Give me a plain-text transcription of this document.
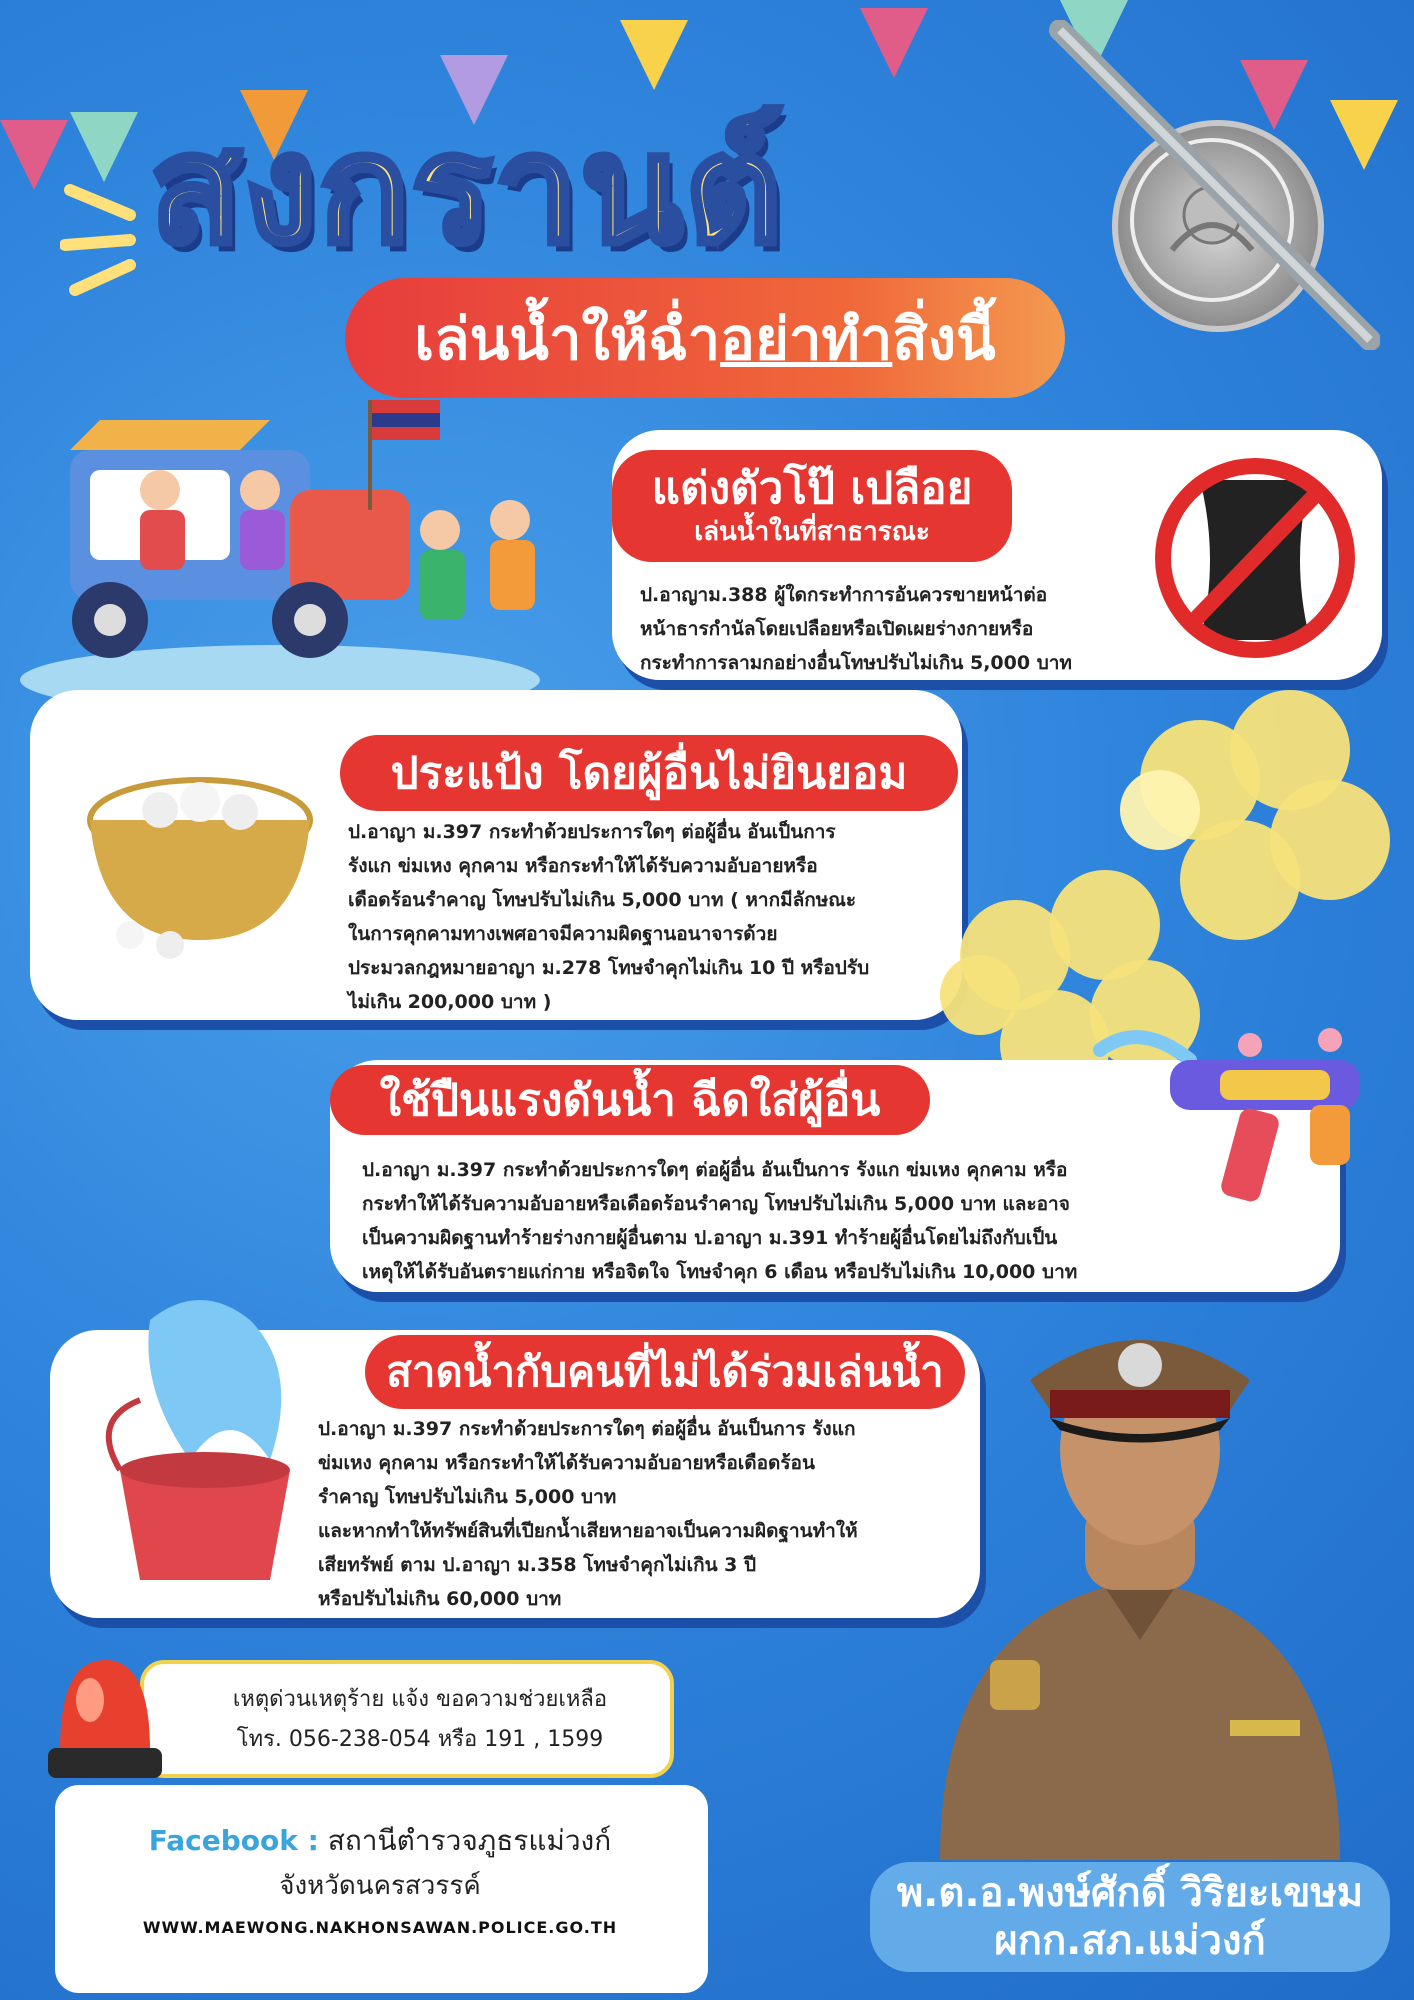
สงกรานต์
เล่นน้ำให้ฉ่ำอย่าทำสิ่งนี้
แต่งตัวโป๊ เปลือย
เล่นน้ำในที่สาธารณะ
ป.อาญาม.388 ผู้ใดกระทำการอันควรขายหน้าต่อ
หน้าธารกำนัลโดยเปลือยหรือเปิดเผยร่างกายหรือ
กระทำการลามกอย่างอื่นโทษปรับไม่เกิน 5,000 บาท
ประแป้ง โดยผู้อื่นไม่ยินยอม
ป.อาญา ม.397 กระทำด้วยประการใดๆ ต่อผู้อื่น อันเป็นการ
รังแก ข่มเหง คุกคาม หรือกระทำให้ได้รับความอับอายหรือ
เดือดร้อนรำคาญ โทษปรับไม่เกิน 5,000 บาท ( หากมีลักษณะ
ในการคุกคามทางเพศอาจมีความผิดฐานอนาจารด้วย
ประมวลกฎหมายอาญา ม.278 โทษจำคุกไม่เกิน 10 ปี หรือปรับ
ไม่เกิน 200,000 บาท )
ใช้ปืนแรงดันน้ำ ฉีดใส่ผู้อื่น
ป.อาญา ม.397 กระทำด้วยประการใดๆ ต่อผู้อื่น อันเป็นการ รังแก ข่มเหง คุกคาม หรือ
กระทำให้ได้รับความอับอายหรือเดือดร้อนรำคาญ โทษปรับไม่เกิน 5,000 บาท และอาจ
เป็นความผิดฐานทำร้ายร่างกายผู้อื่นตาม ป.อาญา ม.391 ทำร้ายผู้อื่นโดยไม่ถึงกับเป็น
เหตุให้ได้รับอันตรายแก่กาย หรือจิตใจ โทษจำคุก 6 เดือน หรือปรับไม่เกิน 10,000 บาท
สาดน้ำกับคนที่ไม่ได้ร่วมเล่นน้ำ
ป.อาญา ม.397 กระทำด้วยประการใดๆ ต่อผู้อื่น อันเป็นการ รังแก
ข่มเหง คุกคาม หรือกระทำให้ได้รับความอับอายหรือเดือดร้อน
รำคาญ โทษปรับไม่เกิน 5,000 บาท
และหากทำให้ทรัพย์สินที่เปียกน้ำเสียหายอาจเป็นความผิดฐานทำให้
เสียทรัพย์ ตาม ป.อาญา ม.358 โทษจำคุกไม่เกิน 3 ปี
หรือปรับไม่เกิน 60,000 บาท
เหตุด่วนเหตุร้าย แจ้ง ขอความช่วยเหลือ
โทร. 056-238-054 หรือ 191 , 1599
Facebook : สถานีตำรวจภูธรแม่วงก์
จังหวัดนครสวรรค์
WWW.MAEWONG.NAKHONSAWAN.POLICE.GO.TH
พ.ต.อ.พงษ์ศักดิ์ วิริยะเขษม
ผกก.สภ.แม่วงก์
